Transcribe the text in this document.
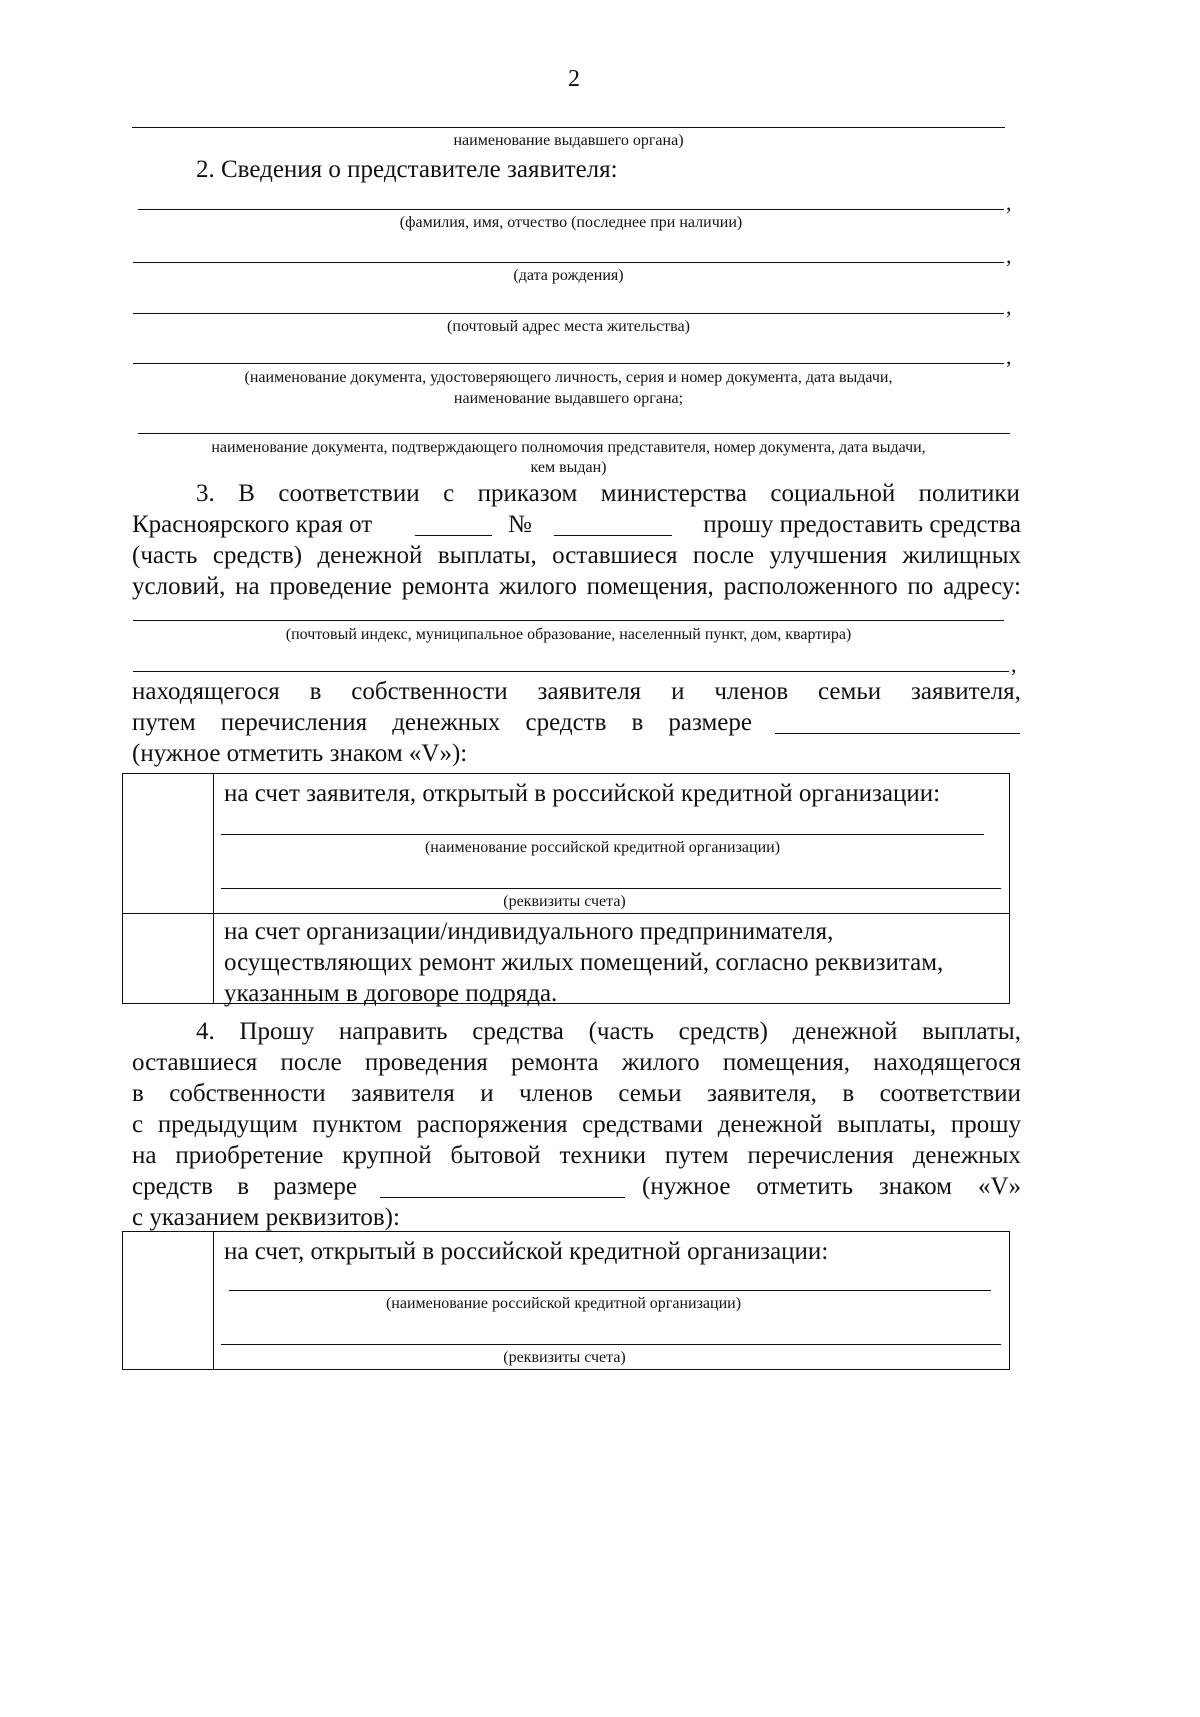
2
наименование выдавшего органа)
2. Сведения о представителе заявителя:
,
(фамилия, имя, отчество (последнее при наличии)
,
(дата рождения)
,
(почтовый адрес места жительства)
,
(наименование документа, удостоверяющего личность, серия и номер документа, дата выдачи,
наименование выдавшего органа;
наименование документа, подтверждающего полномочия представителя, номер документа, дата выдачи,
кем выдан)
3. В соответствии с приказом министерства социальной политики
Красноярского края от	№	прошу предоставить средства
(часть средств) денежной выплаты, оставшиеся после улучшения жилищных
условий, на проведение ремонта жилого помещения, расположенного по адресу:
(почтовый индекс, муниципальное образование, населенный пункт, дом, квартира)
,
находящегося в собственности заявителя и членов семьи заявителя,
путем перечисления денежных средств в размере
(нужное отметить знаком «V»):
на счет заявителя, открытый в российской кредитной организации:
(наименование российской кредитной организации)
(реквизиты счета)
на счет организации/индивидуального предпринимателя,
осуществляющих ремонт жилых помещений, согласно реквизитам,
указанным в договоре подряда.
4. Прошу направить средства (часть средств) денежной выплаты,
оставшиеся после проведения ремонта жилого помещения, находящегося
в собственности заявителя и членов семьи заявителя, в соответствии
с предыдущим пунктом распоряжения средствами денежной выплаты, прошу
на приобретение крупной бытовой техники путем перечисления денежных
средств в размере	(нужное отметить знаком «V»
с указанием реквизитов):
на счет, открытый в российской кредитной организации:
(наименование российской кредитной организации)
(реквизиты счета)
